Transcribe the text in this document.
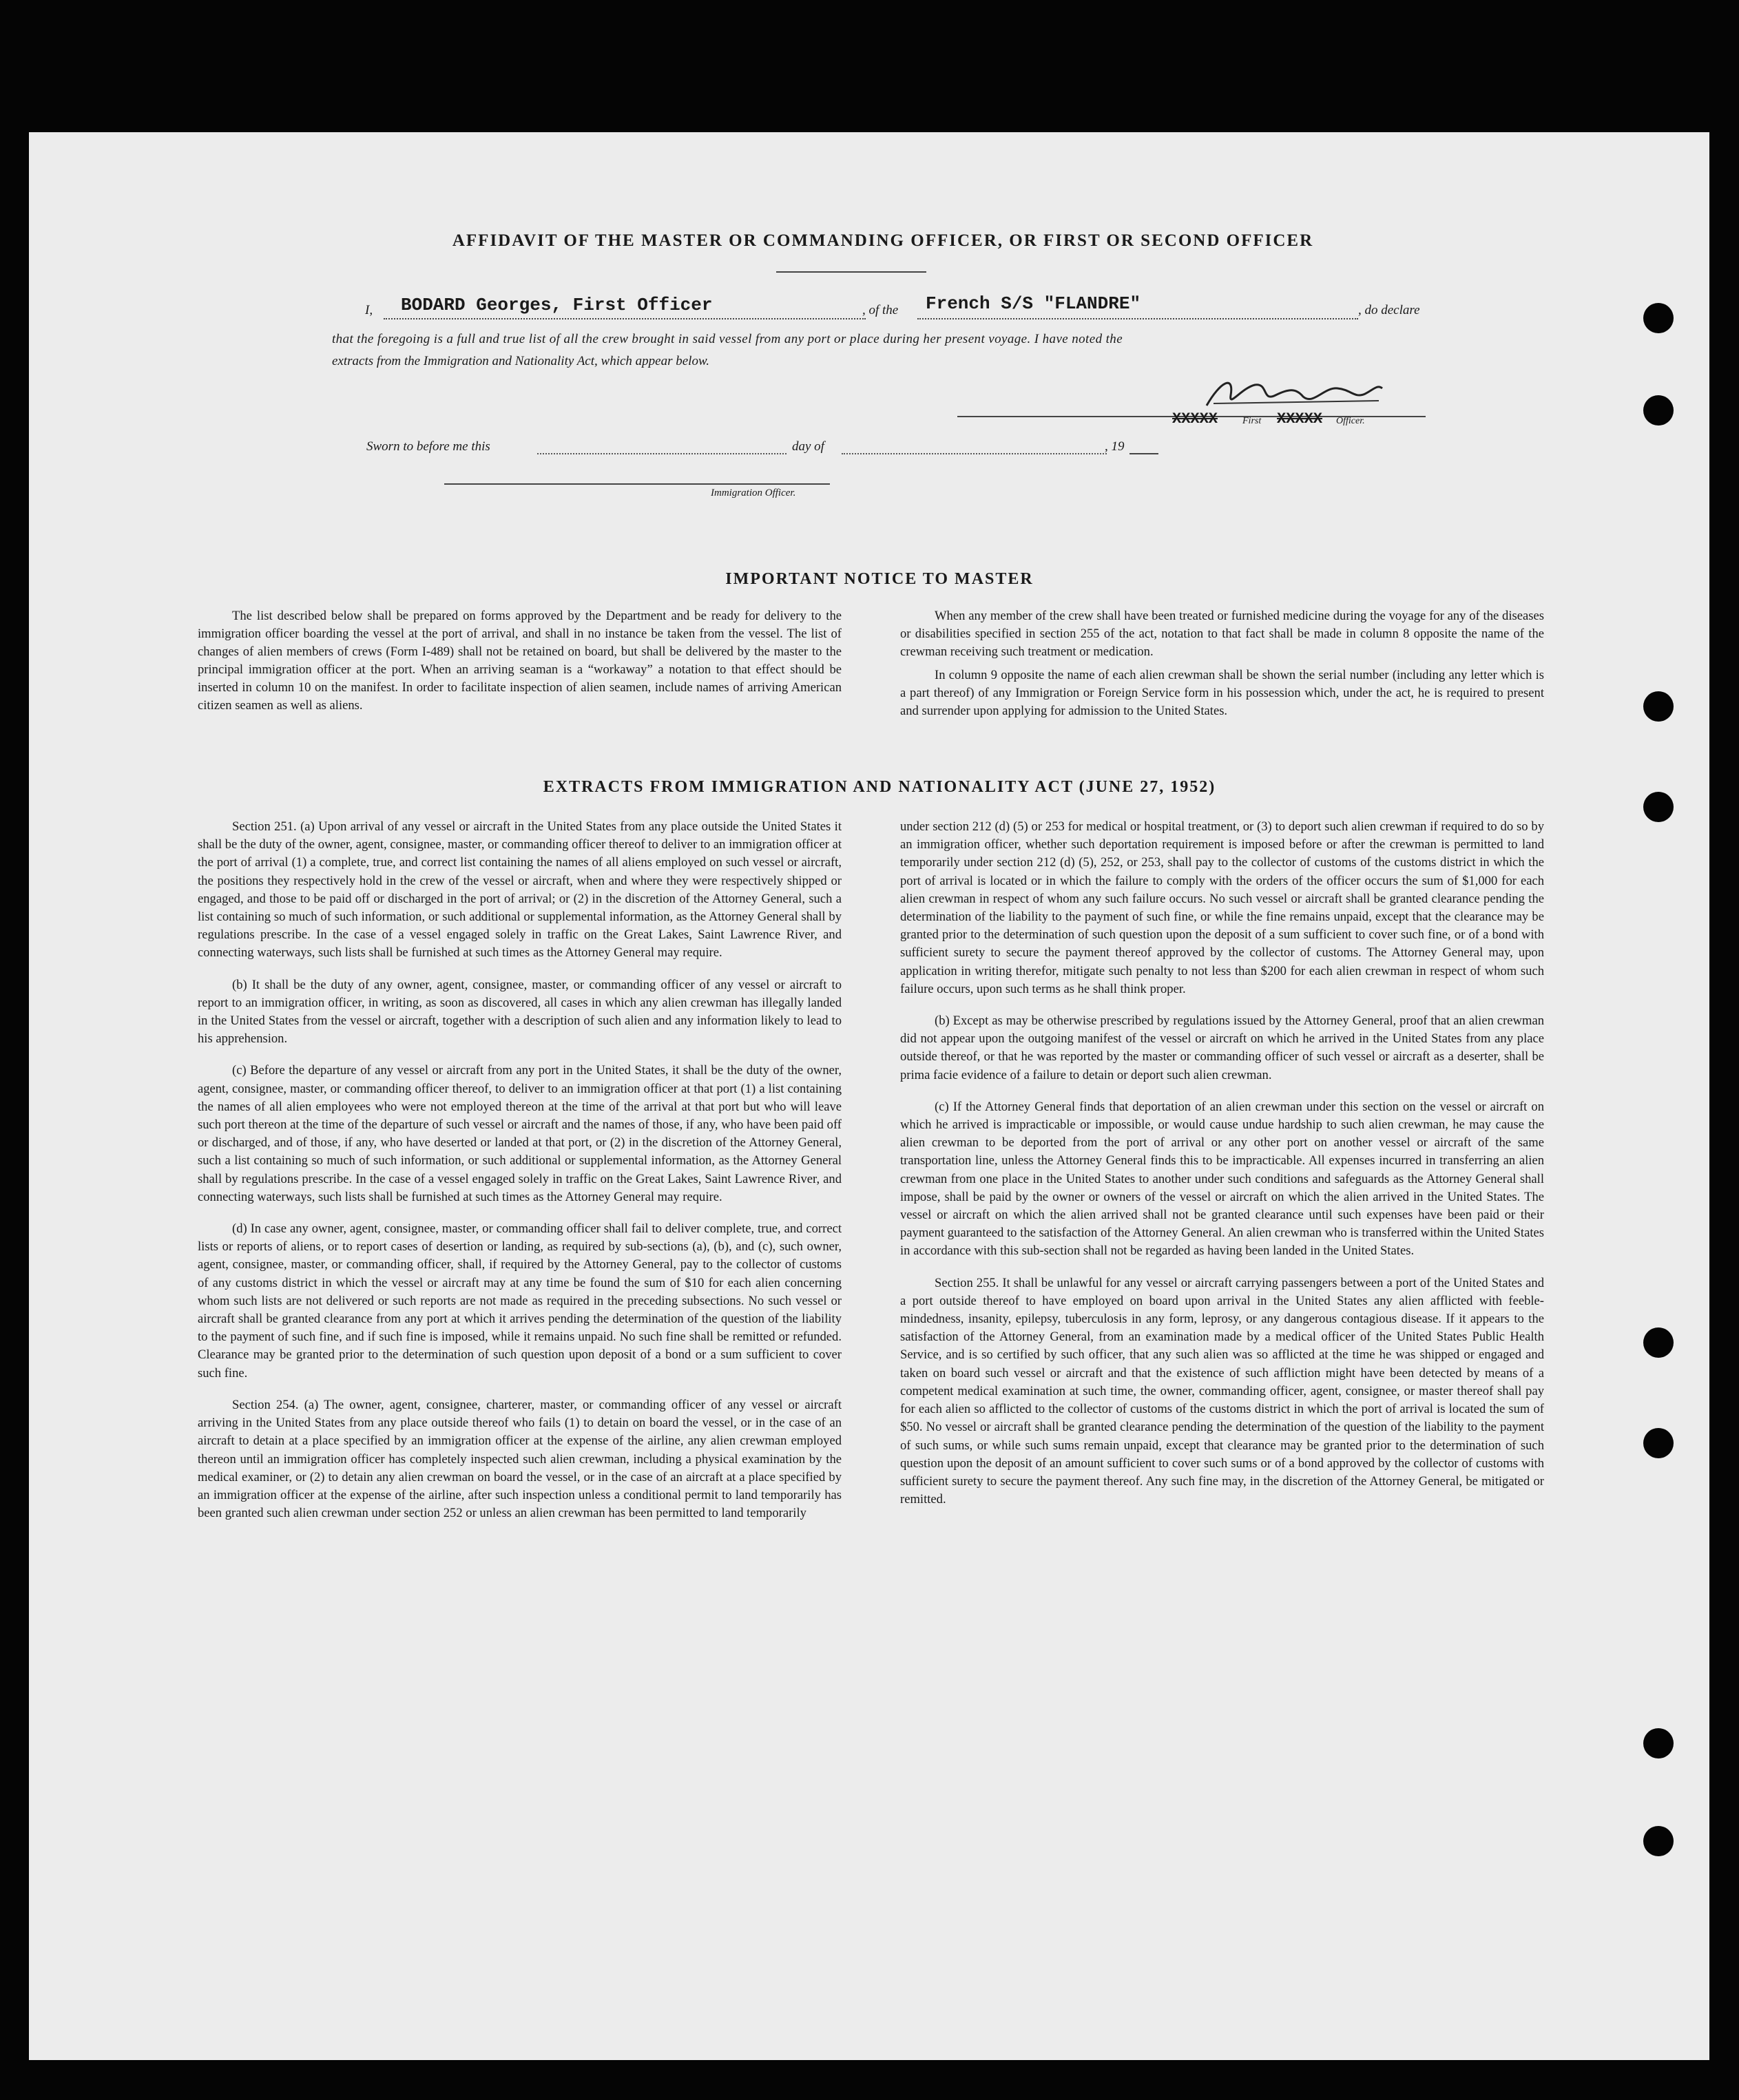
AFFIDAVIT OF THE MASTER OR COMMANDING OFFICER, OR FIRST OR SECOND OFFICER
I, BODARD Georges, First Officer	, of the French S/S "FLANDRE"	, do declare
that the foregoing is a full and true list of all the crew brought in said vessel from any port or place during her present voyage. I have noted the
extracts from the Immigration and Nationality Act, which appear below.
XXXXX	First XXXXX Officer.
Sworn to before me this	day of	, 19
Immigration Officer.
IMPORTANT NOTICE TO MASTER

The list described below shall be prepared on forms approved by the Department and be ready for delivery to the immigration officer boarding the vessel at the port of arrival, and shall in no instance be taken from the vessel. The list of changes of alien members of crews (Form I-489) shall not be retained on board, but shall be delivered by the master to the principal immigration officer at the port. When an arriving seaman is a “workaway” a notation to that effect should be inserted in column 10 on the manifest. In order to facilitate inspection of alien seamen, include names of arriving American citizen seamen as well as aliens.

When any member of the crew shall have been treated or furnished medicine during the voyage for any of the diseases or disabilities specified in section 255 of the act, notation to that fact shall be made in column 8 opposite the name of the crewman receiving such treatment or medication.

In column 9 opposite the name of each alien crewman shall be shown the serial number (including any letter which is a part thereof) of any Immigration or Foreign Service form in his possession which, under the act, he is required to present and surrender upon applying for admission to the United States.

EXTRACTS FROM IMMIGRATION AND NATIONALITY ACT (JUNE 27, 1952)

Section 251. (a) Upon arrival of any vessel or aircraft in the United States from any place outside the United States it shall be the duty of the owner, agent, consignee, master, or commanding officer thereof to deliver to an immigration officer at the port of arrival (1) a complete, true, and correct list containing the names of all aliens employed on such vessel or aircraft, the positions they respectively hold in the crew of the vessel or aircraft, when and where they were respectively shipped or engaged, and those to be paid off or discharged in the port of arrival; or (2) in the discretion of the Attorney General, such a list containing so much of such information, or such additional or supplemental information, as the Attorney General shall by regulations prescribe. In the case of a vessel engaged solely in traffic on the Great Lakes, Saint Lawrence River, and connecting waterways, such lists shall be furnished at such times as the Attorney General may require.

(b) It shall be the duty of any owner, agent, consignee, master, or commanding officer of any vessel or aircraft to report to an immigration officer, in writing, as soon as discovered, all cases in which any alien crewman has illegally landed in the United States from the vessel or aircraft, together with a description of such alien and any information likely to lead to his apprehension.

(c) Before the departure of any vessel or aircraft from any port in the United States, it shall be the duty of the owner, agent, consignee, master, or commanding officer thereof, to deliver to an immigration officer at that port (1) a list containing the names of all alien employees who were not employed thereon at the time of the arrival at that port but who will leave such port thereon at the time of the departure of such vessel or aircraft and the names of those, if any, who have been paid off or discharged, and of those, if any, who have deserted or landed at that port, or (2) in the discretion of the Attorney General, such a list containing so much of such information, or such additional or supplemental information, as the Attorney General shall by regulations prescribe. In the case of a vessel engaged solely in traffic on the Great Lakes, Saint Lawrence River, and connecting waterways, such lists shall be furnished at such times as the Attorney General may require.

(d) In case any owner, agent, consignee, master, or commanding officer shall fail to deliver complete, true, and correct lists or reports of aliens, or to report cases of desertion or landing, as required by sub-sections (a), (b), and (c), such owner, agent, consignee, master, or commanding officer, shall, if required by the Attorney General, pay to the collector of customs of any customs district in which the vessel or aircraft may at any time be found the sum of $10 for each alien concerning whom such lists are not delivered or such reports are not made as required in the preceding subsections. No such vessel or aircraft shall be granted clearance from any port at which it arrives pending the determination of the question of the liability to the payment of such fine, and if such fine is imposed, while it remains unpaid. No such fine shall be remitted or refunded. Clearance may be granted prior to the determination of such question upon deposit of a bond or a sum sufficient to cover such fine.

Section 254. (a) The owner, agent, consignee, charterer, master, or commanding officer of any vessel or aircraft arriving in the United States from any place outside thereof who fails (1) to detain on board the vessel, or in the case of an aircraft to detain at a place specified by an immigration officer at the expense of the airline, any alien crewman employed thereon until an immigration officer has completely inspected such alien crewman, including a physical examination by the medical examiner, or (2) to detain any alien crewman on board the vessel, or in the case of an aircraft at a place specified by an immigration officer at the expense of the airline, after such inspection unless a conditional permit to land temporarily has been granted such alien crewman under section 252 or unless an alien crewman has been permitted to land temporarily

under section 212 (d) (5) or 253 for medical or hospital treatment, or (3) to deport such alien crewman if required to do so by an immigration officer, whether such deportation requirement is imposed before or after the crewman is permitted to land temporarily under section 212 (d) (5), 252, or 253, shall pay to the collector of customs of the customs district in which the port of arrival is located or in which the failure to comply with the orders of the officer occurs the sum of $1,000 for each alien crewman in respect of whom any such failure occurs. No such vessel or aircraft shall be granted clearance pending the determination of the liability to the payment of such fine, or while the fine remains unpaid, except that the clearance may be granted prior to the determination of such question upon the deposit of a sum sufficient to cover such fine, or of a bond with sufficient surety to secure the payment thereof approved by the collector of customs. The Attorney General may, upon application in writing therefor, mitigate such penalty to not less than $200 for each alien crewman in respect of whom such failure occurs, upon such terms as he shall think proper.

(b) Except as may be otherwise prescribed by regulations issued by the Attorney General, proof that an alien crewman did not appear upon the outgoing manifest of the vessel or aircraft on which he arrived in the United States from any place outside thereof, or that he was reported by the master or commanding officer of such vessel or aircraft as a deserter, shall be prima facie evidence of a failure to detain or deport such alien crewman.

(c) If the Attorney General finds that deportation of an alien crewman under this section on the vessel or aircraft on which he arrived is impracticable or impossible, or would cause undue hardship to such alien crewman, he may cause the alien crewman to be deported from the port of arrival or any other port on another vessel or aircraft of the same transportation line, unless the Attorney General finds this to be impracticable. All expenses incurred in transferring an alien crewman from one place in the United States to another under such conditions and safeguards as the Attorney General shall impose, shall be paid by the owner or owners of the vessel or aircraft on which the alien arrived in the United States. The vessel or aircraft on which the alien arrived shall not be granted clearance until such expenses have been paid or their payment guaranteed to the satisfaction of the Attorney General. An alien crewman who is transferred within the United States in accordance with this sub-section shall not be regarded as having been landed in the United States.

Section 255. It shall be unlawful for any vessel or aircraft carrying passengers between a port of the United States and a port outside thereof to have employed on board upon arrival in the United States any alien afflicted with feeble-mindedness, insanity, epilepsy, tuberculosis in any form, leprosy, or any dangerous contagious disease. If it appears to the satisfaction of the Attorney General, from an examination made by a medical officer of the United States Public Health Service, and is so certified by such officer, that any such alien was so afflicted at the time he was shipped or engaged and taken on board such vessel or aircraft and that the existence of such affliction might have been detected by means of a competent medical examination at such time, the owner, commanding officer, agent, consignee, or master thereof shall pay for each alien so afflicted to the collector of customs of the customs district in which the port of arrival is located the sum of $50. No vessel or aircraft shall be granted clearance pending the determination of the question of the liability to the payment of such sums, or while such sums remain unpaid, except that clearance may be granted prior to the determination of such question upon the deposit of an amount sufficient to cover such sums or of a bond approved by the collector of customs with sufficient surety to secure the payment thereof. Any such fine may, in the discretion of the Attorney General, be mitigated or remitted.
